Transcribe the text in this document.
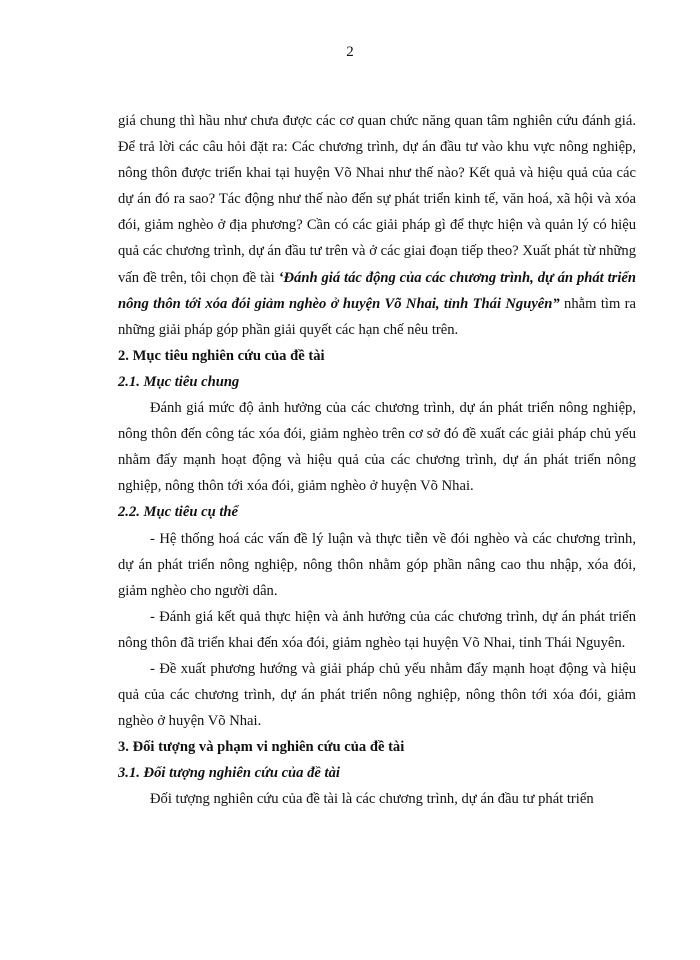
2

giá chung thì hầu như chưa được các cơ quan chức năng quan tâm nghiên cứu đánh giá. Để trả lời các câu hỏi đặt ra: Các chương trình, dự án đầu tư vào khu vực nông nghiệp, nông thôn được triển khai tại huyện Võ Nhai như thế nào? Kết quả và hiệu quả của các dự án đó ra sao? Tác động như thế nào đến sự phát triển kinh tế, văn hoá, xã hội và xóa đói, giảm nghèo ở địa phương? Cần có các giải pháp gì để thực hiện và quản lý có hiệu quả các chương trình, dự án đầu tư trên và ở các giai đoạn tiếp theo? Xuất phát từ những vấn đề trên, tôi chọn đề tài ‘Đánh giá tác động của các chương trình, dự án phát triển nông thôn tới xóa đói giảm nghèo ở huyện Võ Nhai, tỉnh Thái Nguyên” nhằm tìm ra những giải pháp góp phần giải quyết các hạn chế nêu trên.

2. Mục tiêu nghiên cứu của đề tài
2.1. Mục tiêu chung

Đánh giá mức độ ảnh hưởng của các chương trình, dự án phát triển nông nghiệp, nông thôn đến công tác xóa đói, giảm nghèo trên cơ sở đó đề xuất các giải pháp chủ yếu nhằm đẩy mạnh hoạt động và hiệu quả của các chương trình, dự án phát triển nông nghiệp, nông thôn tới xóa đói, giảm nghèo ở huyện Võ Nhai.

2.2. Mục tiêu cụ thể

- Hệ thống hoá các vấn đề lý luận và thực tiễn về đói nghèo và các chương trình, dự án phát triển nông nghiệp, nông thôn nhằm góp phần nâng cao thu nhập, xóa đói, giảm nghèo cho người dân.

- Đánh giá kết quả thực hiện và ảnh hưởng của các chương trình, dự án phát triển nông thôn đã triển khai đến xóa đói, giảm nghèo tại huyện Võ Nhai, tỉnh Thái Nguyên.

- Đề xuất phương hướng và giải pháp chủ yếu nhằm đẩy mạnh hoạt động và hiệu quả của các chương trình, dự án phát triển nông nghiệp, nông thôn tới xóa đói, giảm nghèo ở huyện Võ Nhai.

3. Đối tượng và phạm vi nghiên cứu của đề tài
3.1. Đối tượng nghiên cứu của đề tài

Đối tượng nghiên cứu của đề tài là các chương trình, dự án đầu tư phát triển
